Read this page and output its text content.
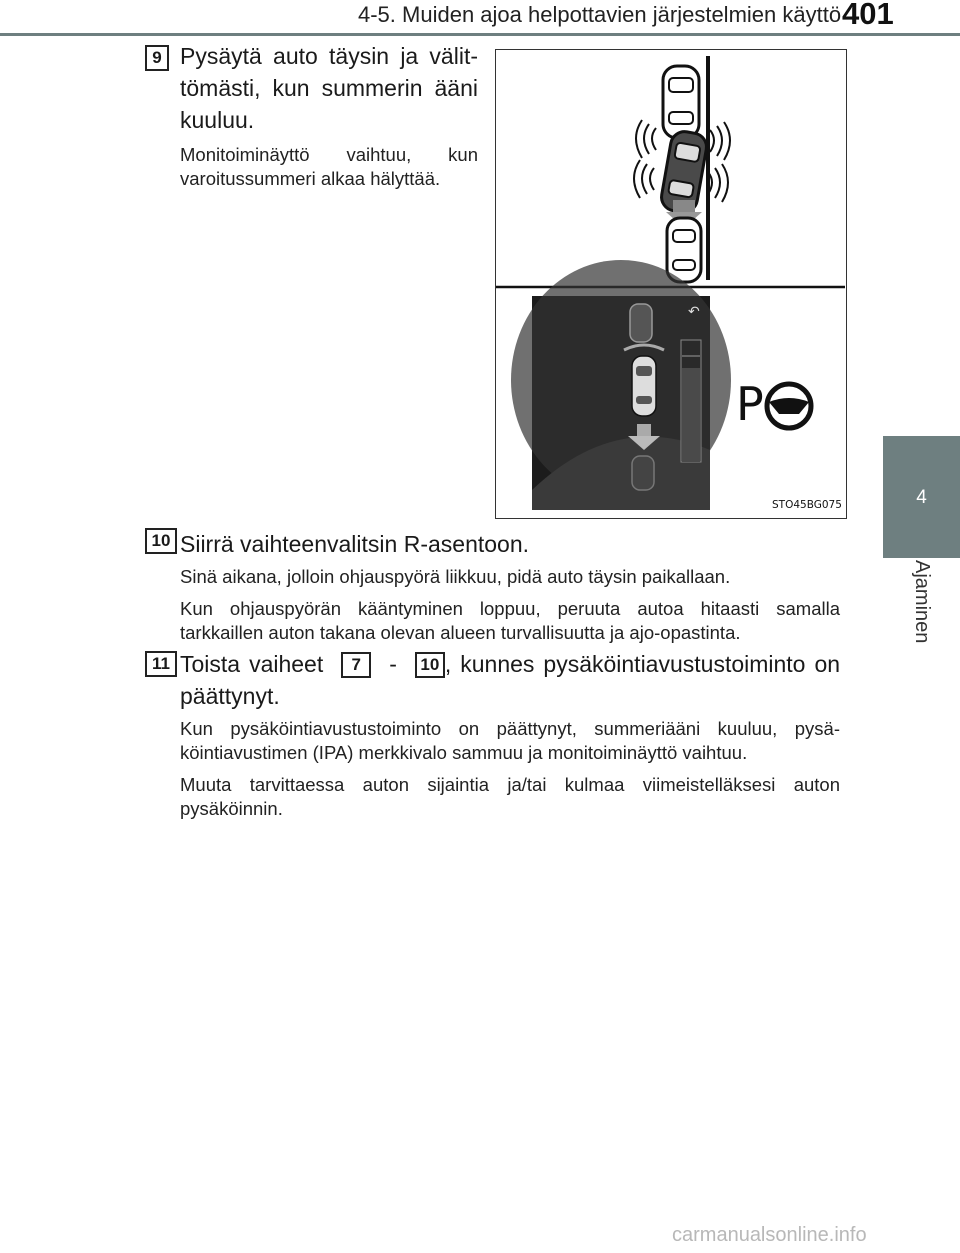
4-5. Muiden ajoa helpottavien järjestelmien käyttö 401
4
Ajaminen
9 Pysäytä auto täysin ja välit-tömästi, kun summerin ääni kuuluu.
Monitoiminäyttö vaihtuu, kun varoitussummeri alkaa hälyttää.
↶
P
STO45BG075
10 Siirrä vaihteenvalitsin R-asentoon.
Sinä aikana, jolloin ohjauspyörä liikkuu, pidä auto täysin paikallaan.
Kun ohjauspyörän kääntyminen loppuu, peruuta autoa hitaasti samalla tarkkaillen auton takana olevan alueen turvallisuutta ja ajo-opastinta.
11 Toista vaiheet 7 - 10 , kunnes pysäköintiavustustoiminto on päättynyt.
Kun pysäköintiavustustoiminto on päättynyt, summeriääni kuuluu, pysä-köintiavustimen (IPA) merkkivalo sammuu ja monitoiminäyttö vaihtuu.
Muuta tarvittaessa auton sijaintia ja/tai kulmaa viimeistelläksesi auton pysäköinnin.
carmanualsonline.info
